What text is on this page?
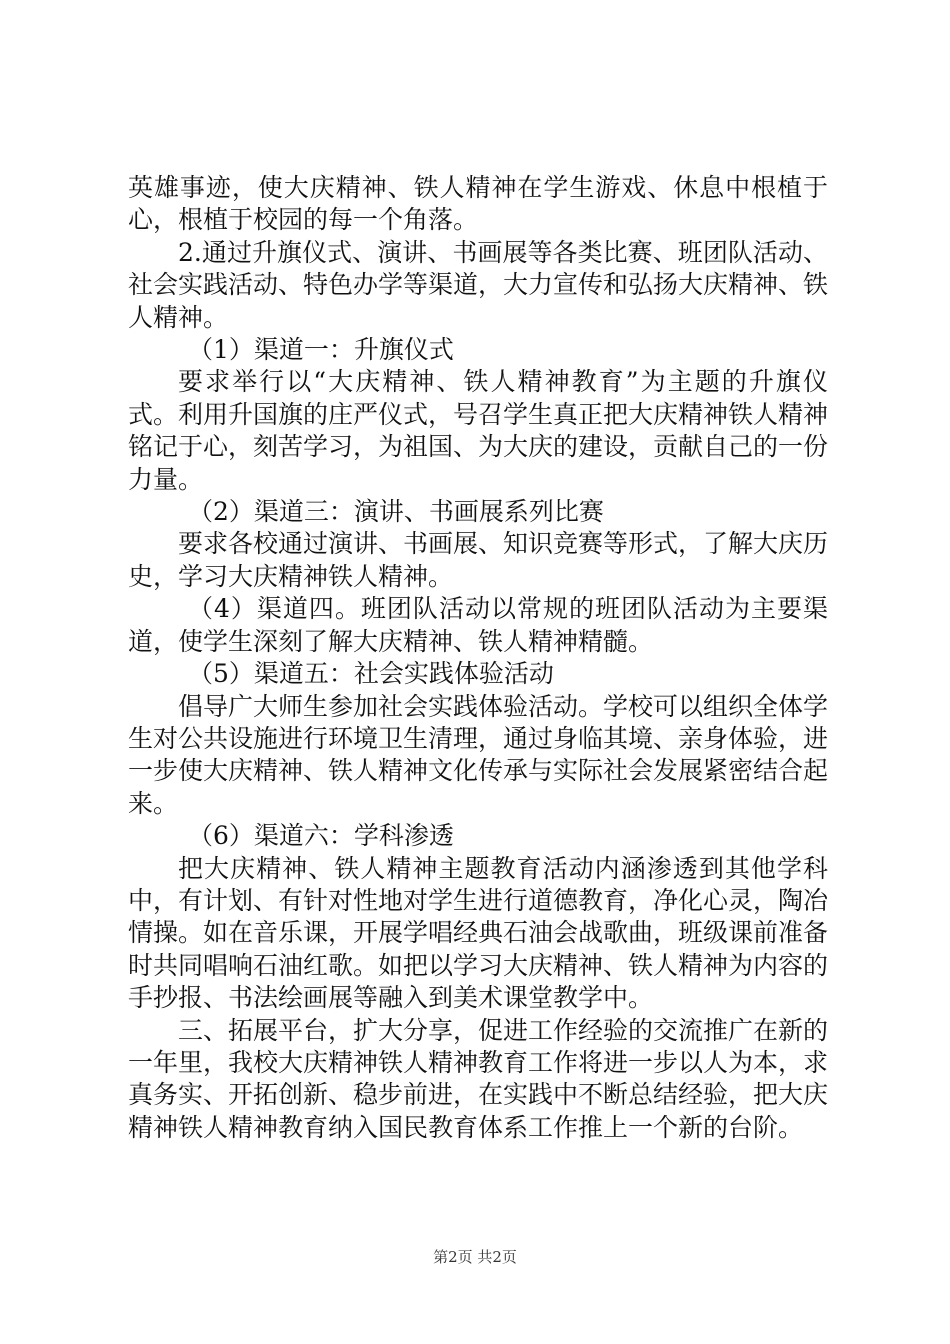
英雄事迹，使大庆精神、铁人精神在学生游戏、休息中根植于心，根植于校园的每一个角落。

2.通过升旗仪式、演讲、书画展等各类比赛、班团队活动、社会实践活动、特色办学等渠道，大力宣传和弘扬大庆精神、铁人精神。

（1）渠道一：升旗仪式

要求举行以“大庆精神、铁人精神教育”为主题的升旗仪式。利用升国旗的庄严仪式，号召学生真正把大庆精神铁人精神铭记于心，刻苦学习，为祖国、为大庆的建设，贡献自己的一份力量。

（2）渠道三：演讲、书画展系列比赛

要求各校通过演讲、书画展、知识竞赛等形式，了解大庆历史，学习大庆精神铁人精神。

（4）渠道四。班团队活动以常规的班团队活动为主要渠道，使学生深刻了解大庆精神、铁人精神精髓。

（5）渠道五：社会实践体验活动

倡导广大师生参加社会实践体验活动。学校可以组织全体学生对公共设施进行环境卫生清理，通过身临其境、亲身体验，进一步使大庆精神、铁人精神文化传承与实际社会发展紧密结合起来。

（6）渠道六：学科渗透

把大庆精神、铁人精神主题教育活动内涵渗透到其他学科中，有计划、有针对性地对学生进行道德教育，净化心灵，陶冶情操。如在音乐课，开展学唱经典石油会战歌曲，班级课前准备时共同唱响石油红歌。如把以学习大庆精神、铁人精神为内容的手抄报、书法绘画展等融入到美术课堂教学中。

三、拓展平台，扩大分享，促进工作经验的交流推广在新的一年里，我校大庆精神铁人精神教育工作将进一步以人为本，求真务实、开拓创新、稳步前进，在实践中不断总结经验，把大庆精神铁人精神教育纳入国民教育体系工作推上一个新的台阶。

第2页 共2页
